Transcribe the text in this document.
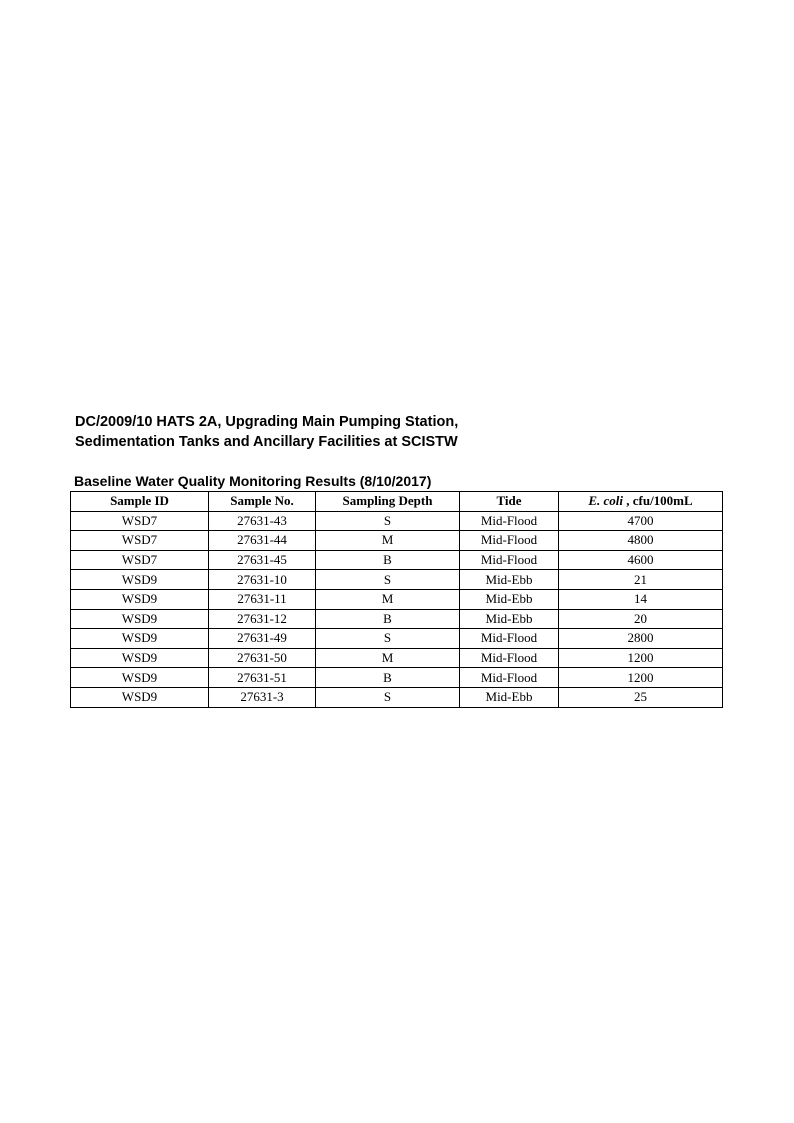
DC/2009/10 HATS 2A, Upgrading Main Pumping Station,
Sedimentation Tanks and Ancillary Facilities at SCISTW

Baseline Water Quality Monitoring Results (8/10/2017)

Sample ID	Sample No.	Sampling Depth	Tide	E. coli , cfu/100mL
WSD7	27631-43	S	Mid-Flood	4700
WSD7	27631-44	M	Mid-Flood	4800
WSD7	27631-45	B	Mid-Flood	4600
WSD9	27631-10	S	Mid-Ebb	21
WSD9	27631-11	M	Mid-Ebb	14
WSD9	27631-12	B	Mid-Ebb	20
WSD9	27631-49	S	Mid-Flood	2800
WSD9	27631-50	M	Mid-Flood	1200
WSD9	27631-51	B	Mid-Flood	1200
WSD9	27631-3	S	Mid-Ebb	25
